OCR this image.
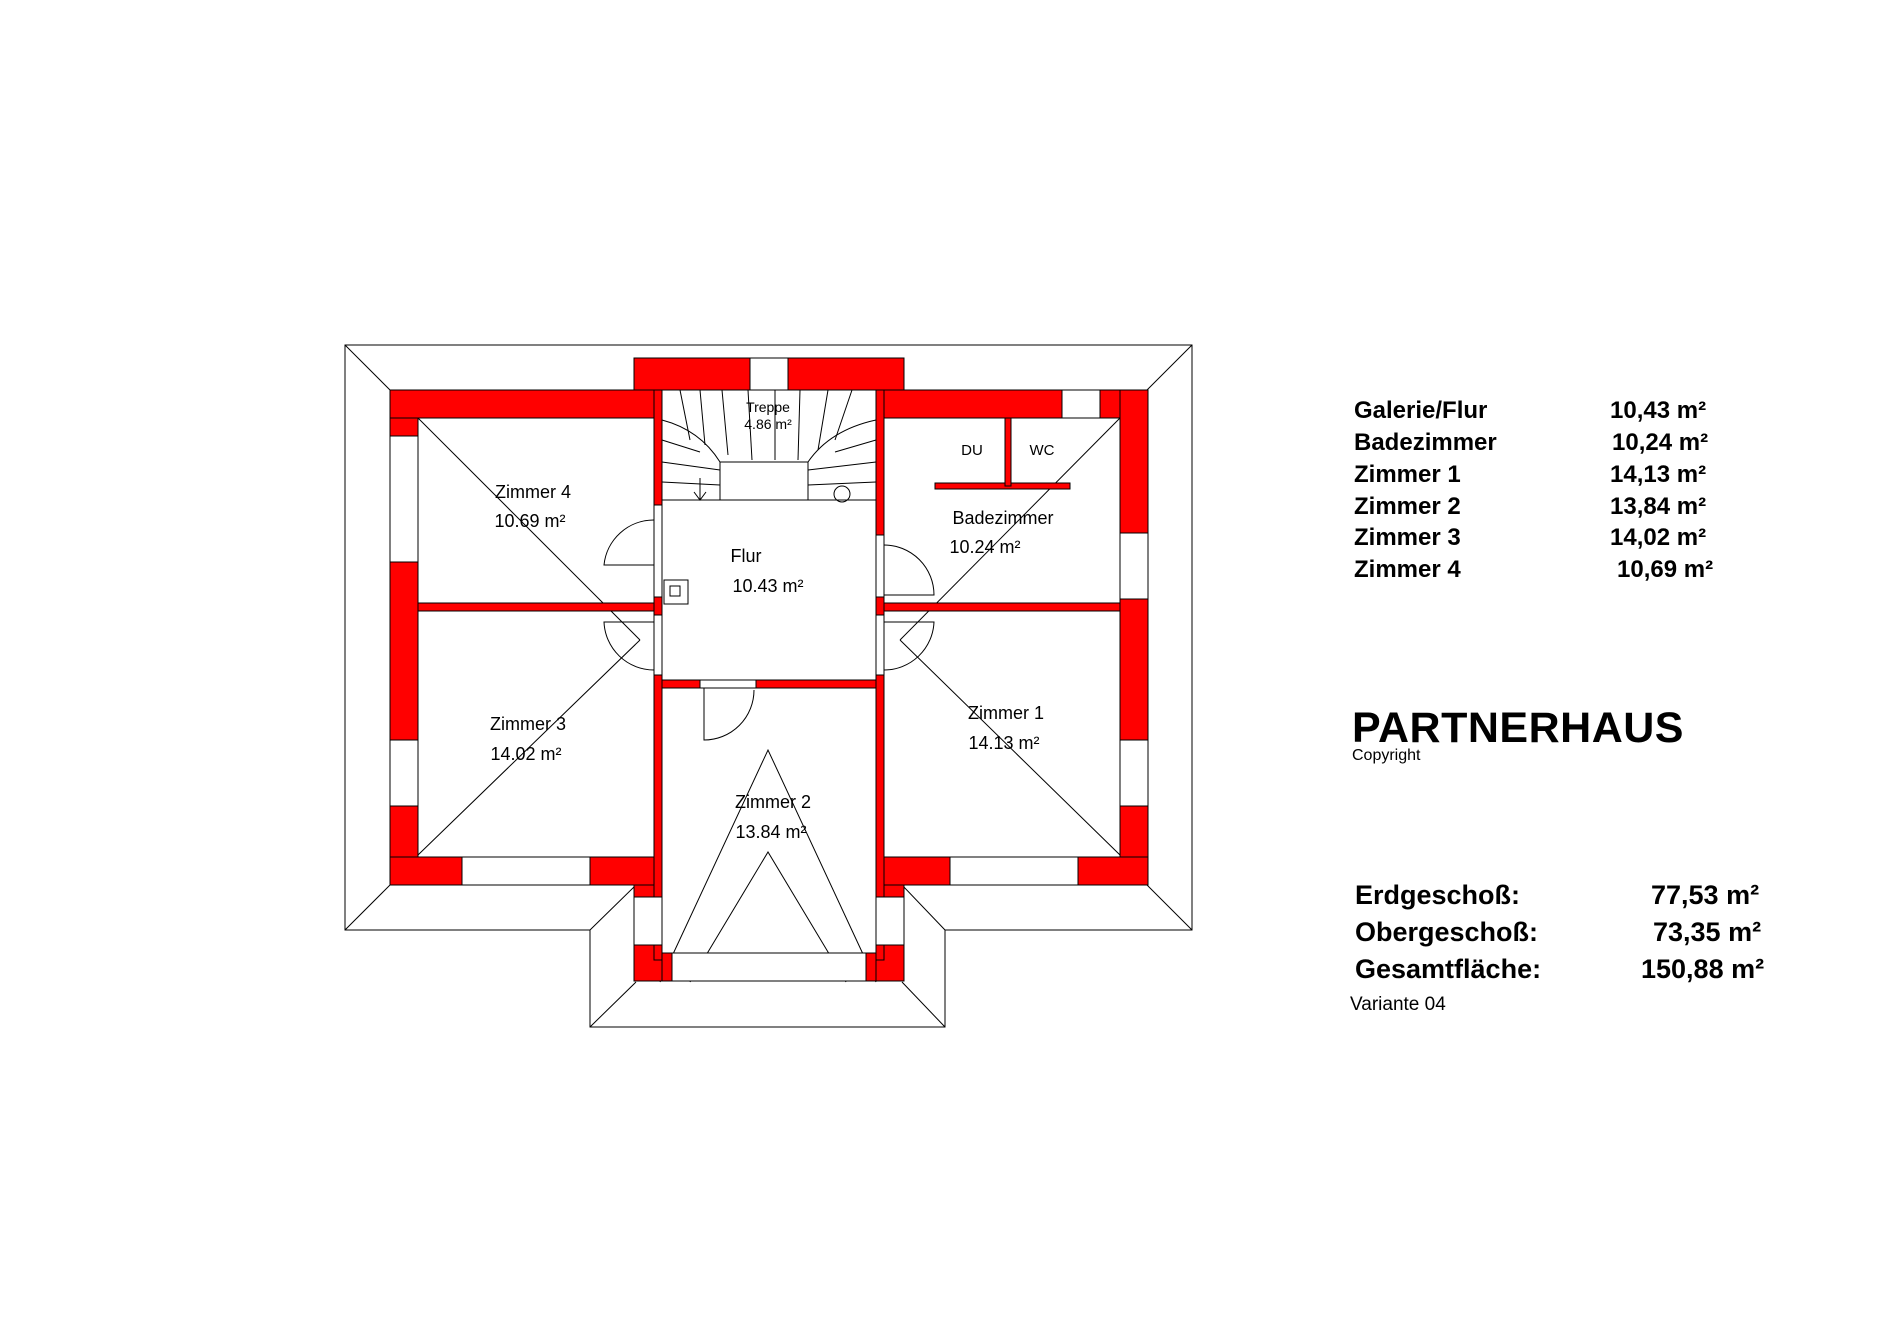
Treppe
4.86 m²
Zimmer 4
10.69 m²
Flur
10.43 m²
Badezimmer
10.24 m²
DU	WC
Zimmer 3
14.02 m²
Zimmer 1
14.13 m²
Zimmer 2
13.84 m²
Galerie/Flur	10,43 m²
Badezimmer	10,24 m²
Zimmer 1	14,13 m²
Zimmer 2	13,84 m²
Zimmer 3	14,02 m²
Zimmer 4	10,69 m²
PARTNERHAUS
Copyright
Erdgeschoß:	77,53 m²
Obergeschoß:	73,35 m²
Gesamtfläche:	150,88 m²
Variante 04
